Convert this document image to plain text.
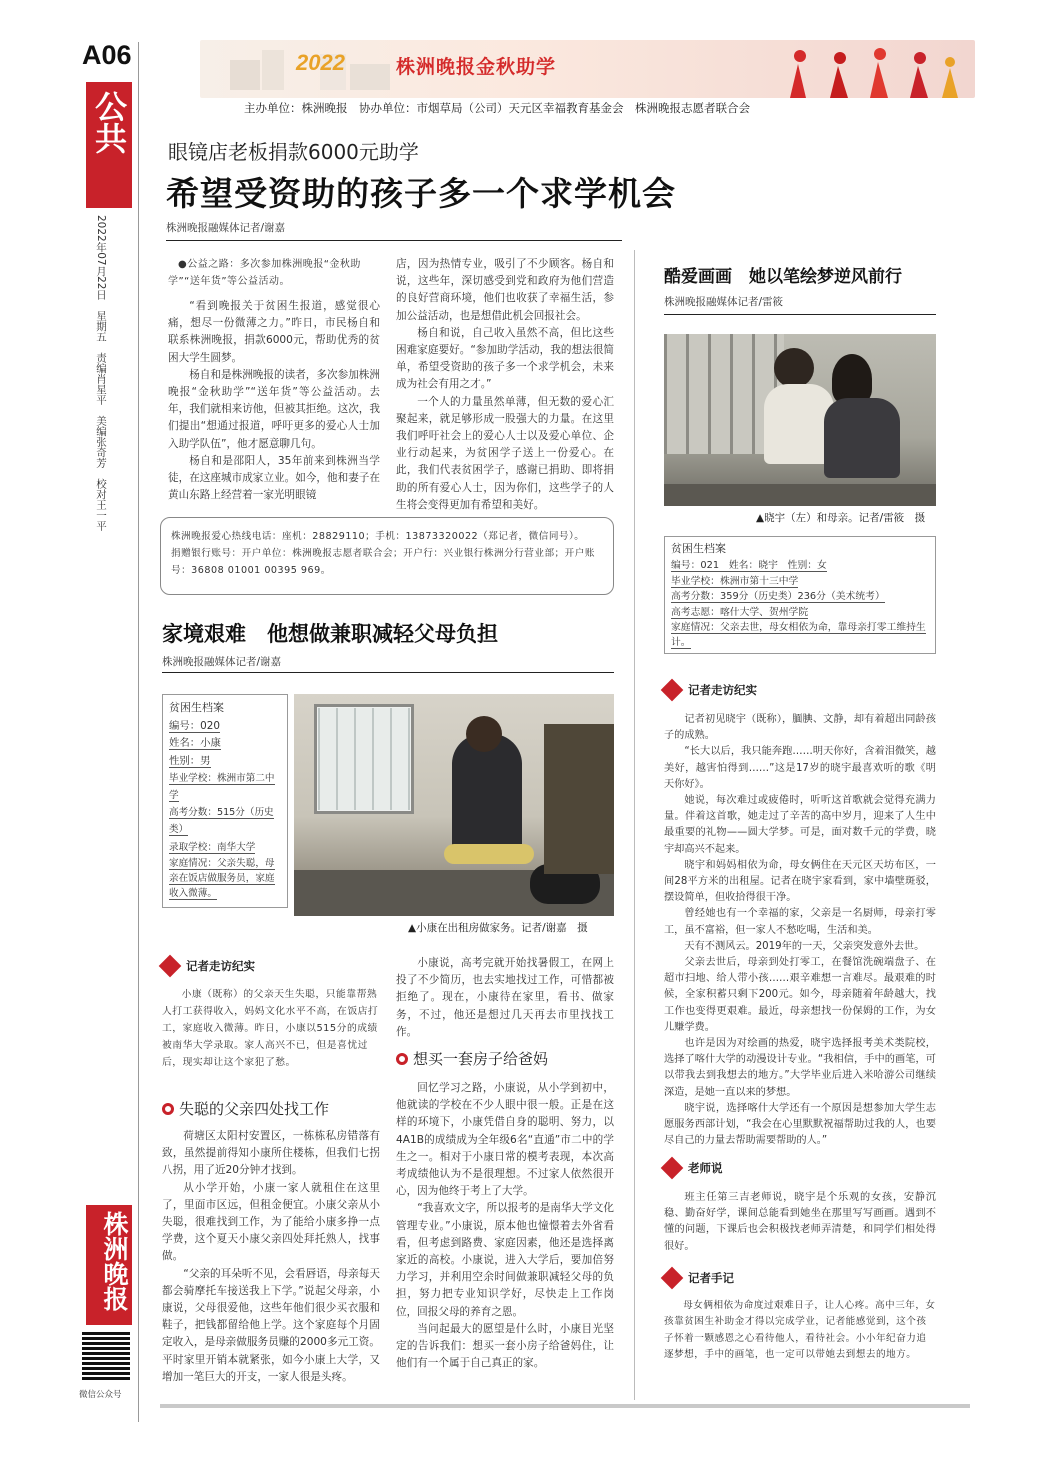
A06
公共
2022年07月22日　星期五　责编肖星平　美编张奇芳　校对王一平
株洲晚报
微信公众号
2022	株洲晚报金秋助学
主办单位：株洲晚报　协办单位：市烟草局（公司）天元区幸福教育基金会　株洲晚报志愿者联合会
眼镜店老板捐款6000元助学
希望受资助的孩子多一个求学机会
株洲晚报融媒体记者/谢嘉
●公益之路：多次参加株洲晚报“金秋助学”“送年货”等公益活动。

“看到晚报关于贫困生报道，感觉很心痛，想尽一份微薄之力。”昨日，市民杨自和联系株洲晚报，捐款6000元，帮助优秀的贫困大学生圆梦。

杨自和是株洲晚报的读者，多次参加株洲晚报“金秋助学”“送年货”等公益活动。去年，我们就相来访他，但被其拒绝。这次，我们提出“想通过报道，呼吁更多的爱心人士加入助学队伍”，他才愿意聊几句。

杨自和是邵阳人，35年前来到株洲当学徒，在这座城市成家立业。如今，他和妻子在黄山东路上经营着一家光明眼镜

店，因为热情专业，吸引了不少顾客。杨自和说，这些年，深切感受到党和政府为他们营造的良好营商环境，他们也收获了幸福生活，参加公益活动，也是想借此机会回报社会。

杨自和说，自己收入虽然不高，但比这些困难家庭要好。“参加助学活动，我的想法很简单，希望受资助的孩子多一个求学机会，未来成为社会有用之才。”

一个人的力量虽然单薄，但无数的爱心汇聚起来，就足够形成一股强大的力量。在这里我们呼吁社会上的爱心人士以及爱心单位、企业行动起来，为贫困学子送上一份爱心。在此，我们代表贫困学子，感谢已捐助、即将捐助的所有爱心人士，因为你们，这些学子的人生将会变得更加有希望和美好。

株洲晚报爱心热线电话：座机：28829110；手机：13873320022（郑记者，微信同号）。
捐赠银行账号：开户单位：株洲晚报志愿者联合会；开户行：兴业银行株洲分行营业部；开户账号：36808 01001 00395 969。
家境艰难　他想做兼职减轻父母负担
株洲晚报融媒体记者/谢嘉
贫困生档案
编号：020
姓名：小康
性别：男
毕业学校：株洲市第二中学
高考分数：515分（历史类）
录取学校：南华大学
家庭情况：父亲失聪，母亲在饭店做服务员，家庭收入微薄。
▲小康在出租房做家务。记者/谢嘉　摄
记者走访纪实
小康（既称）的父亲天生失聪，只能靠帮熟人打工获得收入，妈妈文化水平不高，在饭店打工，家庭收入微薄。昨日，小康以515分的成绩被南华大学录取。家人高兴不已，但是喜忧过后，现实却让这个家犯了愁。
失聪的父亲四处找工作

荷塘区太阳村安置区，一栋栋私房错落有致，虽然提前得知小康所住楼栋，但我们七拐八拐，用了近20分钟才找到。

从小学开始，小康一家人就租住在这里了，里面市区远，但租金便宜。小康父亲从小失聪，很难找到工作，为了能给小康多挣一点学费，这个夏天小康父亲四处拜托熟人，找事做。

“父亲的耳朵听不见，会看唇语，母亲每天都会骑摩托车接送我上下学。”说起父母亲，小康说，父母很爱他，这些年他们很少买衣服和鞋子，把钱都留给他上学。这个家庭每个月固定收入，是母亲做服务员赚的2000多元工资。平时家里开销本就紧张，如今小康上大学，又增加一笔巨大的开支，一家人很是头疼。

小康说，高考完就开始找暑假工，在网上投了不少简历，也去实地找过工作，可惜都被拒绝了。现在，小康待在家里，看书、做家务，不过，他还是想过几天再去市里找找工作。

想买一套房子给爸妈

回忆学习之路，小康说，从小学到初中，他就读的学校在不少人眼中很一般。正是在这样的环境下，小康凭借自身的聪明、努力，以4A1B的成绩成为全年级6名“直通”市二中的学生之一。相对于小康日常的模考表现，本次高考成绩他认为不是很理想。不过家人依然很开心，因为他终于考上了大学。

“我喜欢文字，所以报考的是南华大学文化管理专业。”小康说，原本他也憧憬着去外省看看，但考虑到路费、家庭因素，他还是选择离家近的高校。小康说，进入大学后，要加倍努力学习，并利用空余时间做兼职减轻父母的负担，努力把专业知识学好，尽快走上工作岗位，回报父母的养育之恩。

当问起最大的愿望是什么时，小康目光坚定的告诉我们：想买一套小房子给爸妈住，让他们有一个属于自己真正的家。

酷爱画画　她以笔绘梦逆风前行
株洲晚报融媒体记者/雷筱
▲晓宇（左）和母亲。记者/雷筱　摄
贫困生档案
编号：021　姓名：晓宇　性别：女
毕业学校：株洲市第十三中学
高考分数：359分（历史类）236分（美术统考）
高考志愿：喀什大学、贺州学院
家庭情况：父亲去世，母女相依为命，靠母亲打零工维持生计。
记者走访纪实

记者初见晓宇（既称），腼腆、文静，却有着超出同龄孩子的成熟。

“长大以后，我只能奔跑……明天你好，含着泪微笑，越美好，越害怕得到……”这是17岁的晓宇最喜欢听的歌《明天你好》。

她说，每次难过或疲倦时，听听这首歌就会觉得充满力量。伴着这首歌，她走过了辛苦的高中岁月，迎来了人生中最重要的礼物——圆大学梦。可是，面对数千元的学费，晓宇却高兴不起来。

晓宇和妈妈相依为命，母女俩住在天元区天坊布区，一间28平方米的出租屋。记者在晓宇家看到，家中墙壁斑驳，摆设简单，但收拾得很干净。

曾经她也有一个幸福的家，父亲是一名厨师，母亲打零工，虽不富裕，但一家人不愁吃喝，生活和美。

天有不测风云。2019年的一天，父亲突发意外去世。

父亲去世后，母亲到处打零工，在餐馆洗碗端盘子、在超市扫地、给人带小孩……艰辛难想一言难尽。最艰难的时候，全家积蓄只剩下200元。如今，母亲随着年龄越大，找工作也变得更艰难。最近，母亲想找一份保姆的工作，为女儿赚学费。

也许是因为对绘画的热爱，晓宇选择报考美术类院校，选择了喀什大学的动漫设计专业。“我相信，手中的画笔，可以带我去到我想去的地方。”大学毕业后进入米哈游公司继续深造，是她一直以来的梦想。

晓宇说，选择喀什大学还有一个原因是想参加大学生志愿服务西部计划，“我会在心里默默祝福帮助过我的人，也要尽自己的力量去帮助需要帮助的人。”

老师说

班主任第三吉老师说，晓宇是个乐观的女孩，安静沉稳、勤奋好学，课间总能看到她坐在那里写写画画。遇到不懂的问题，下课后也会积极找老师弄清楚，和同学们相处得很好。

记者手记

母女俩相依为命度过艰难日子，让人心疼。高中三年，女孩靠贫困生补助金才得以完成学业，记者能感觉到，这个孩子怀着一颗感恩之心看待他人，看待社会。小小年纪奋力追逐梦想，手中的画笔，也一定可以带她去到想去的地方。
